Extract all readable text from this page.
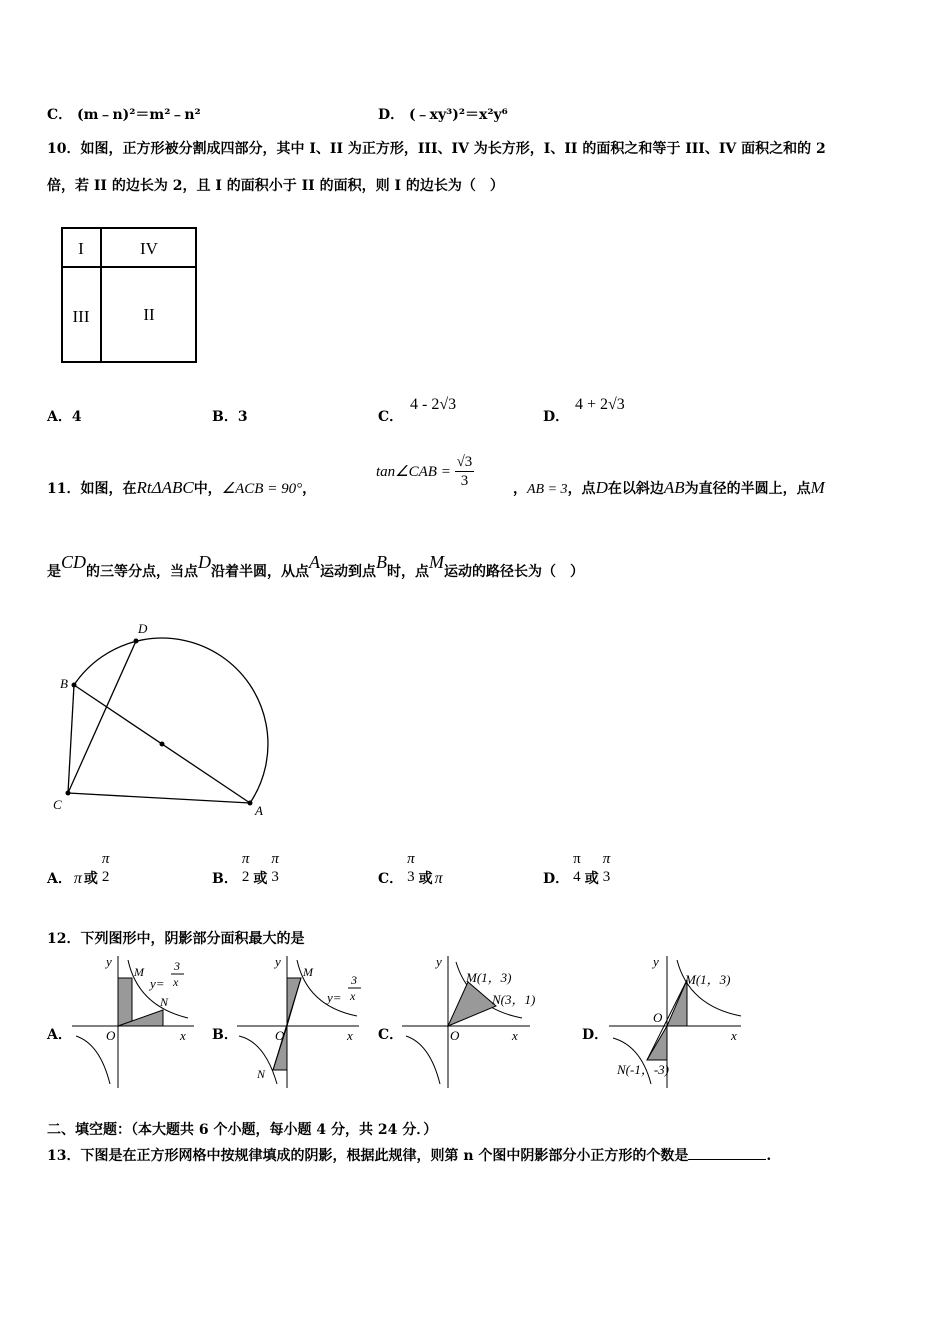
C． (m﹣n)²＝m²﹣n²	D． (﹣xy³)²＝x²y⁶
10．如图，正方形被分割成四部分，其中 I、II 为正方形，III、IV 为长方形，I、II 的面积之和等于 III、IV 面积之和的 2
倍，若 II 的边长为 2，且 I 的面积小于 II 的面积，则 I 的边长为（　）
I	IV
III	II
A．4	B．3	C．
4 - 2√3
D．
4 + 2√3
11．如图，在RtΔABC中，∠ACB = 90°，
tan∠CAB = $\frac{√3}{3}$	，AB = 3，点D在以斜边AB为直径的半圆上，点M
是CD的三等分点，当点D沿着半圆，从点A运动到点B时，点M运动的路径长为（　）
D
B
C	A
A． π 或
π
2	B．
π
2 或
π
3	C．
π
3 或 π	D．
π
4 或
π
3
12．下列图形中，阴影部分面积最大的是
A．	B．	C．	D．
y
x
O
M
N
y=
3
x
y
x
O
M
N
y=
3
x
y
x
O
M(1，3)
N(3，1)
y
x
O
M(1，3)
N(-1，-3)
二、填空题：（本大题共 6 个小题，每小题 4 分，共 24 分．）
13．下图是在正方形网格中按规律填成的阴影，根据此规律，则第 n 个图中阴影部分小正方形的个数是	.
